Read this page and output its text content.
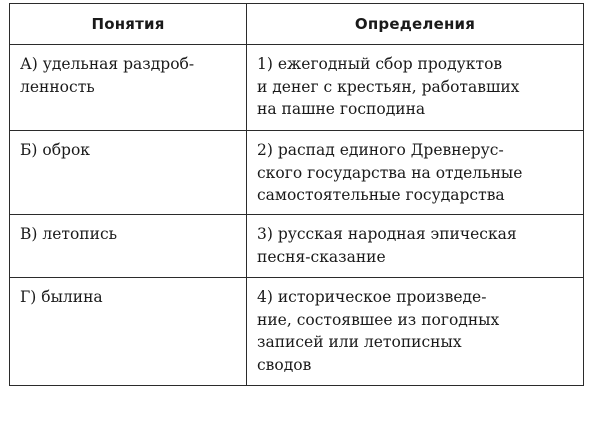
Понятия	Определения

А) удельная раздроб-
ленность	1) ежегодный сбор продуктов
и денег с крестьян, работавших
на пашне господина

Б) оброк	2) распад единого Древнерус-
ского государства на отдельные
самостоятельные государства

В) летопись	3) русская народная эпическая
песня-сказание

Г) былина	4) историческое произведе-
ние, состоявшее из погодных
записей или летописных
сводов
